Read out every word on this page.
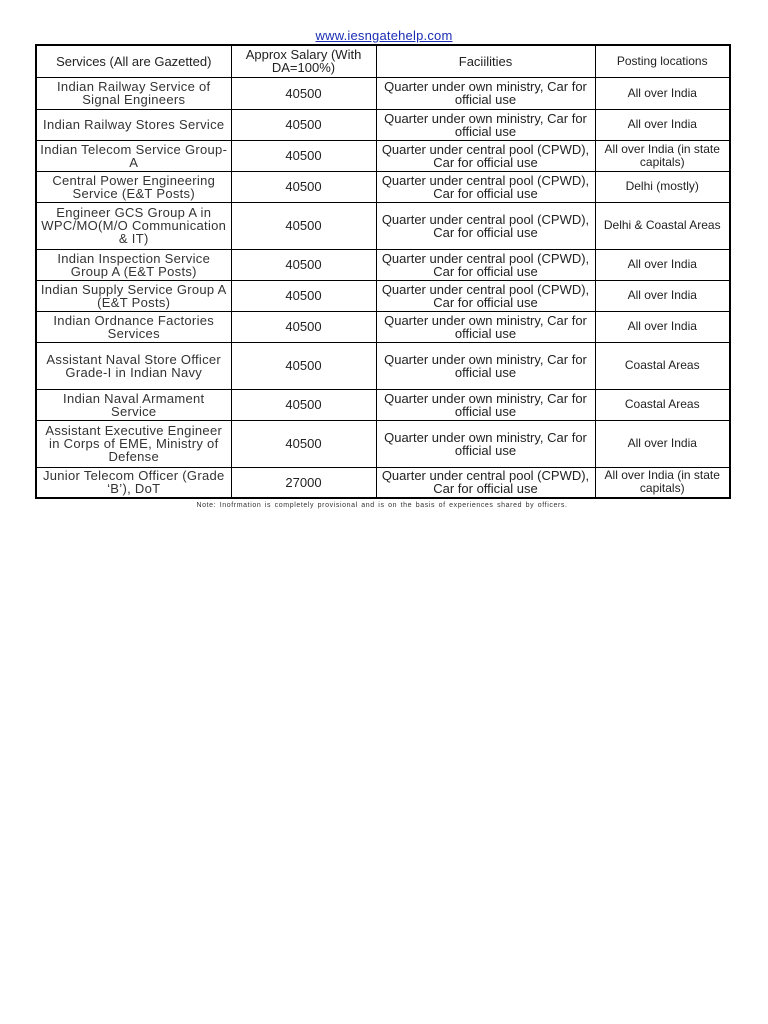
www.iesngatehelp.com
Services (All are Gazetted)	Approx Salary (With DA=100%)	Faciilities	Posting locations
Indian Railway Service of Signal Engineers	40500	Quarter under own ministry, Car for official use	All over India
Indian Railway Stores Service	40500	Quarter under own ministry, Car for official use	All over India
Indian Telecom Service Group-A	40500	Quarter under central pool (CPWD), Car for official use	All over India (in state capitals)
Central Power Engineering Service (E&T Posts)	40500	Quarter under central pool (CPWD), Car for official use	Delhi (mostly)
Engineer GCS Group A in WPC/MO(M/O Communication & IT)	40500	Quarter under central pool (CPWD), Car for official use	Delhi & Coastal Areas
Indian Inspection Service Group A (E&T Posts)	40500	Quarter under central pool (CPWD), Car for official use	All over India
Indian Supply Service Group A (E&T Posts)	40500	Quarter under central pool (CPWD), Car for official use	All over India
Indian Ordnance Factories Services	40500	Quarter under own ministry, Car for official use	All over India
Assistant Naval Store Officer Grade-I in Indian Navy	40500	Quarter under own ministry, Car for official use	Coastal Areas
Indian Naval Armament Service	40500	Quarter under own ministry, Car for official use	Coastal Areas
Assistant Executive Engineer in Corps of EME, Ministry of Defense	40500	Quarter under own ministry, Car for official use	All over India
Junior Telecom Officer (Grade ‘B’), DoT	27000	Quarter under central pool (CPWD), Car for official use	All over India (in state capitals)
Note: Inofrmation is completely provisional and is on the basis of experiences shared by officers.
